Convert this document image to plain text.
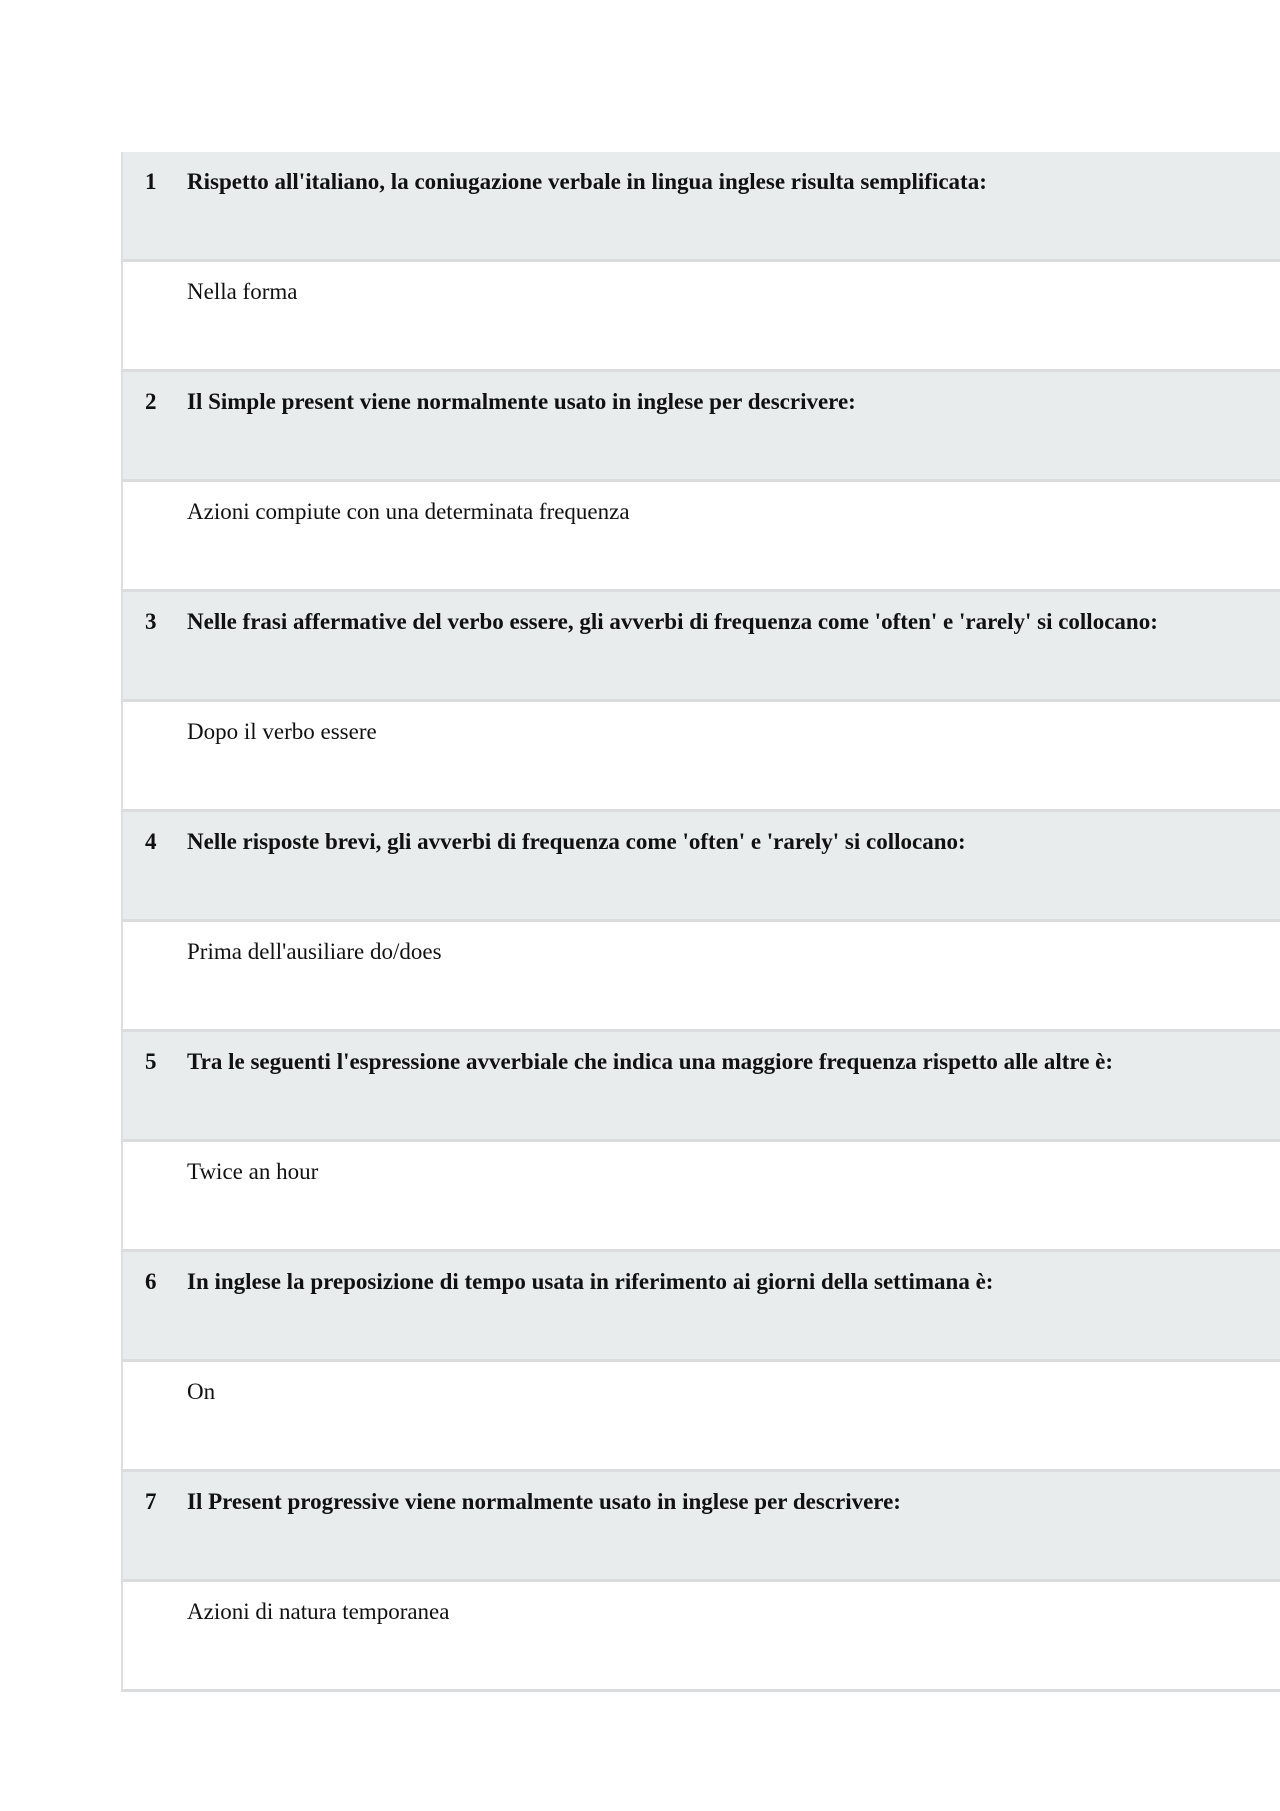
1 Rispetto all'italiano, la coniugazione verbale in lingua inglese risulta semplificata:
Nella forma
2 Il Simple present viene normalmente usato in inglese per descrivere:
Azioni compiute con una determinata frequenza
3 Nelle frasi affermative del verbo essere, gli avverbi di frequenza come 'often' e 'rarely' si collocano:
Dopo il verbo essere
4 Nelle risposte brevi, gli avverbi di frequenza come 'often' e 'rarely' si collocano:
Prima dell'ausiliare do/does
5 Tra le seguenti l'espressione avverbiale che indica una maggiore frequenza rispetto alle altre è:
Twice an hour
6 In inglese la preposizione di tempo usata in riferimento ai giorni della settimana è:
On
7 Il Present progressive viene normalmente usato in inglese per descrivere:
Azioni di natura temporanea
